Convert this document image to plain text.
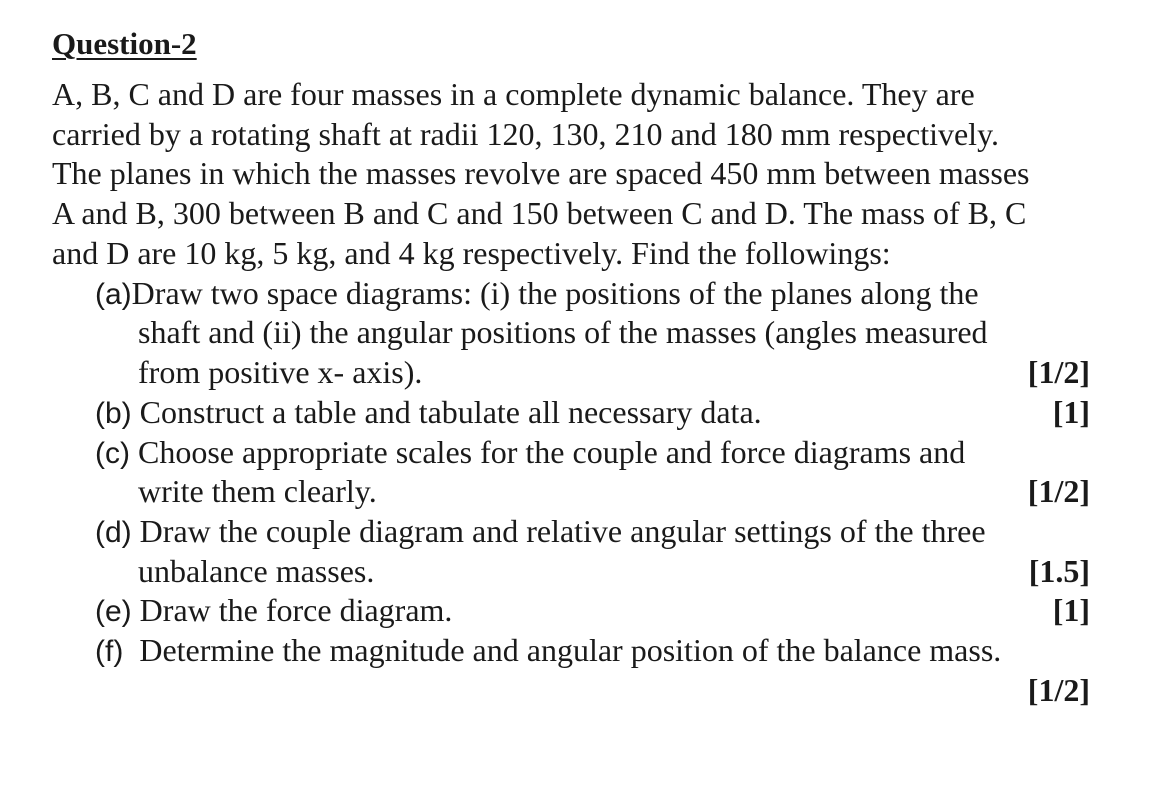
Question-2
A, B, C and D are four masses in a complete dynamic balance. They are
carried by a rotating shaft at radii 120, 130, 210 and 180 mm respectively.
The planes in which the masses revolve are spaced 450 mm between masses
A and B, 300 between B and C and 150 between C and D. The mass of B, C
and D are 10 kg, 5 kg, and 4 kg respectively. Find the followings:
(a)Draw two space diagrams: (i) the positions of the planes along the
shaft and (ii) the angular positions of the masses (angles measured
from positive x- axis).	[1/2]
(b) Construct a table and tabulate all necessary data.	[1]
(c) Choose appropriate scales for the couple and force diagrams and
write them clearly.	[1/2]
(d) Draw the couple diagram and relative angular settings of the three
unbalance masses.	[1.5]
(e) Draw the force diagram.	[1]
(f) Determine the magnitude and angular position of the balance mass.
[1/2]
